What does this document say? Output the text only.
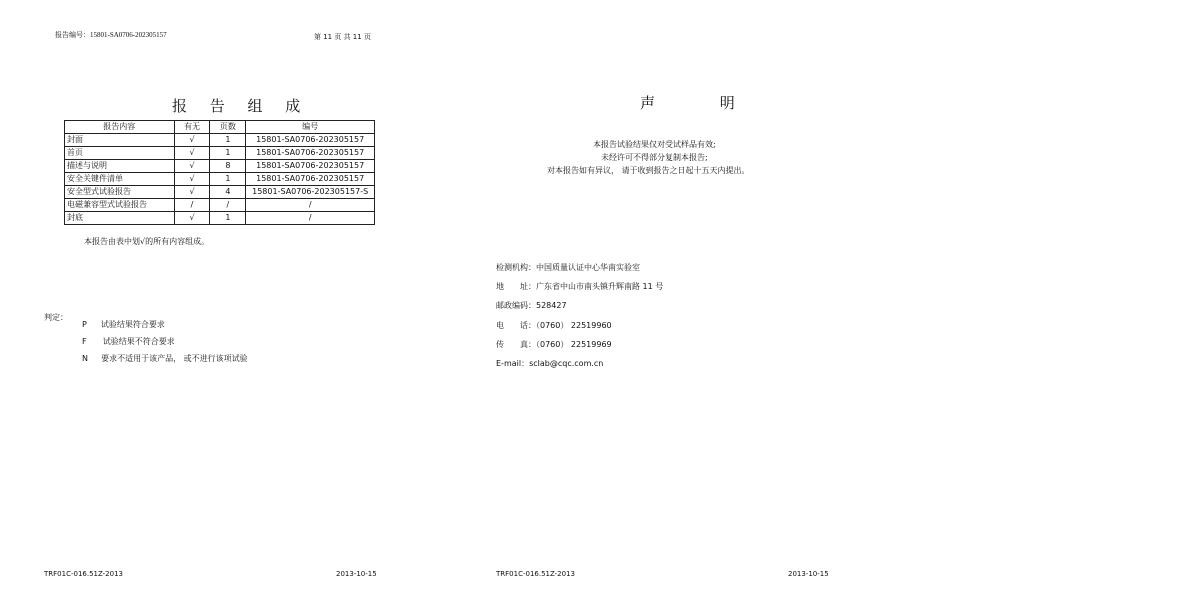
报告编号：15801-SA0706-202305157	第 11 页 共 11 页
报 告 组 成
报告内容	有无	页数	编号
封面	√	1	15801-SA0706-202305157
首页	√	1	15801-SA0706-202305157
描述与说明	√	8	15801-SA0706-202305157
安全关键件清单	√	1	15801-SA0706-202305157
安全型式试验报告	√	4	15801-SA0706-202305157-S
电磁兼容型式试验报告	/	/	/
封底	√	1	/
本报告由表中划√的所有内容组成。
判定：
P 试验结果符合要求
F 试验结果不符合要求
N 要求不适用于该产品， 或不进行该项试验
TRF01C-016.51Z-2013	2013-10-15
声 明
本报告试验结果仅对受试样品有效;
未经许可不得部分复制本报告;
对本报告如有异议， 请于收到报告之日起十五天内提出。
检测机构：中国质量认证中心华南实验室
地　　址：广东省中山市南头镇升辉南路 11 号
邮政编码：528427
电　　话：（0760） 22519960
传　　真：（0760） 22519969
E-mail：sclab@cqc.com.cn
TRF01C-016.51Z-2013	2013-10-15
